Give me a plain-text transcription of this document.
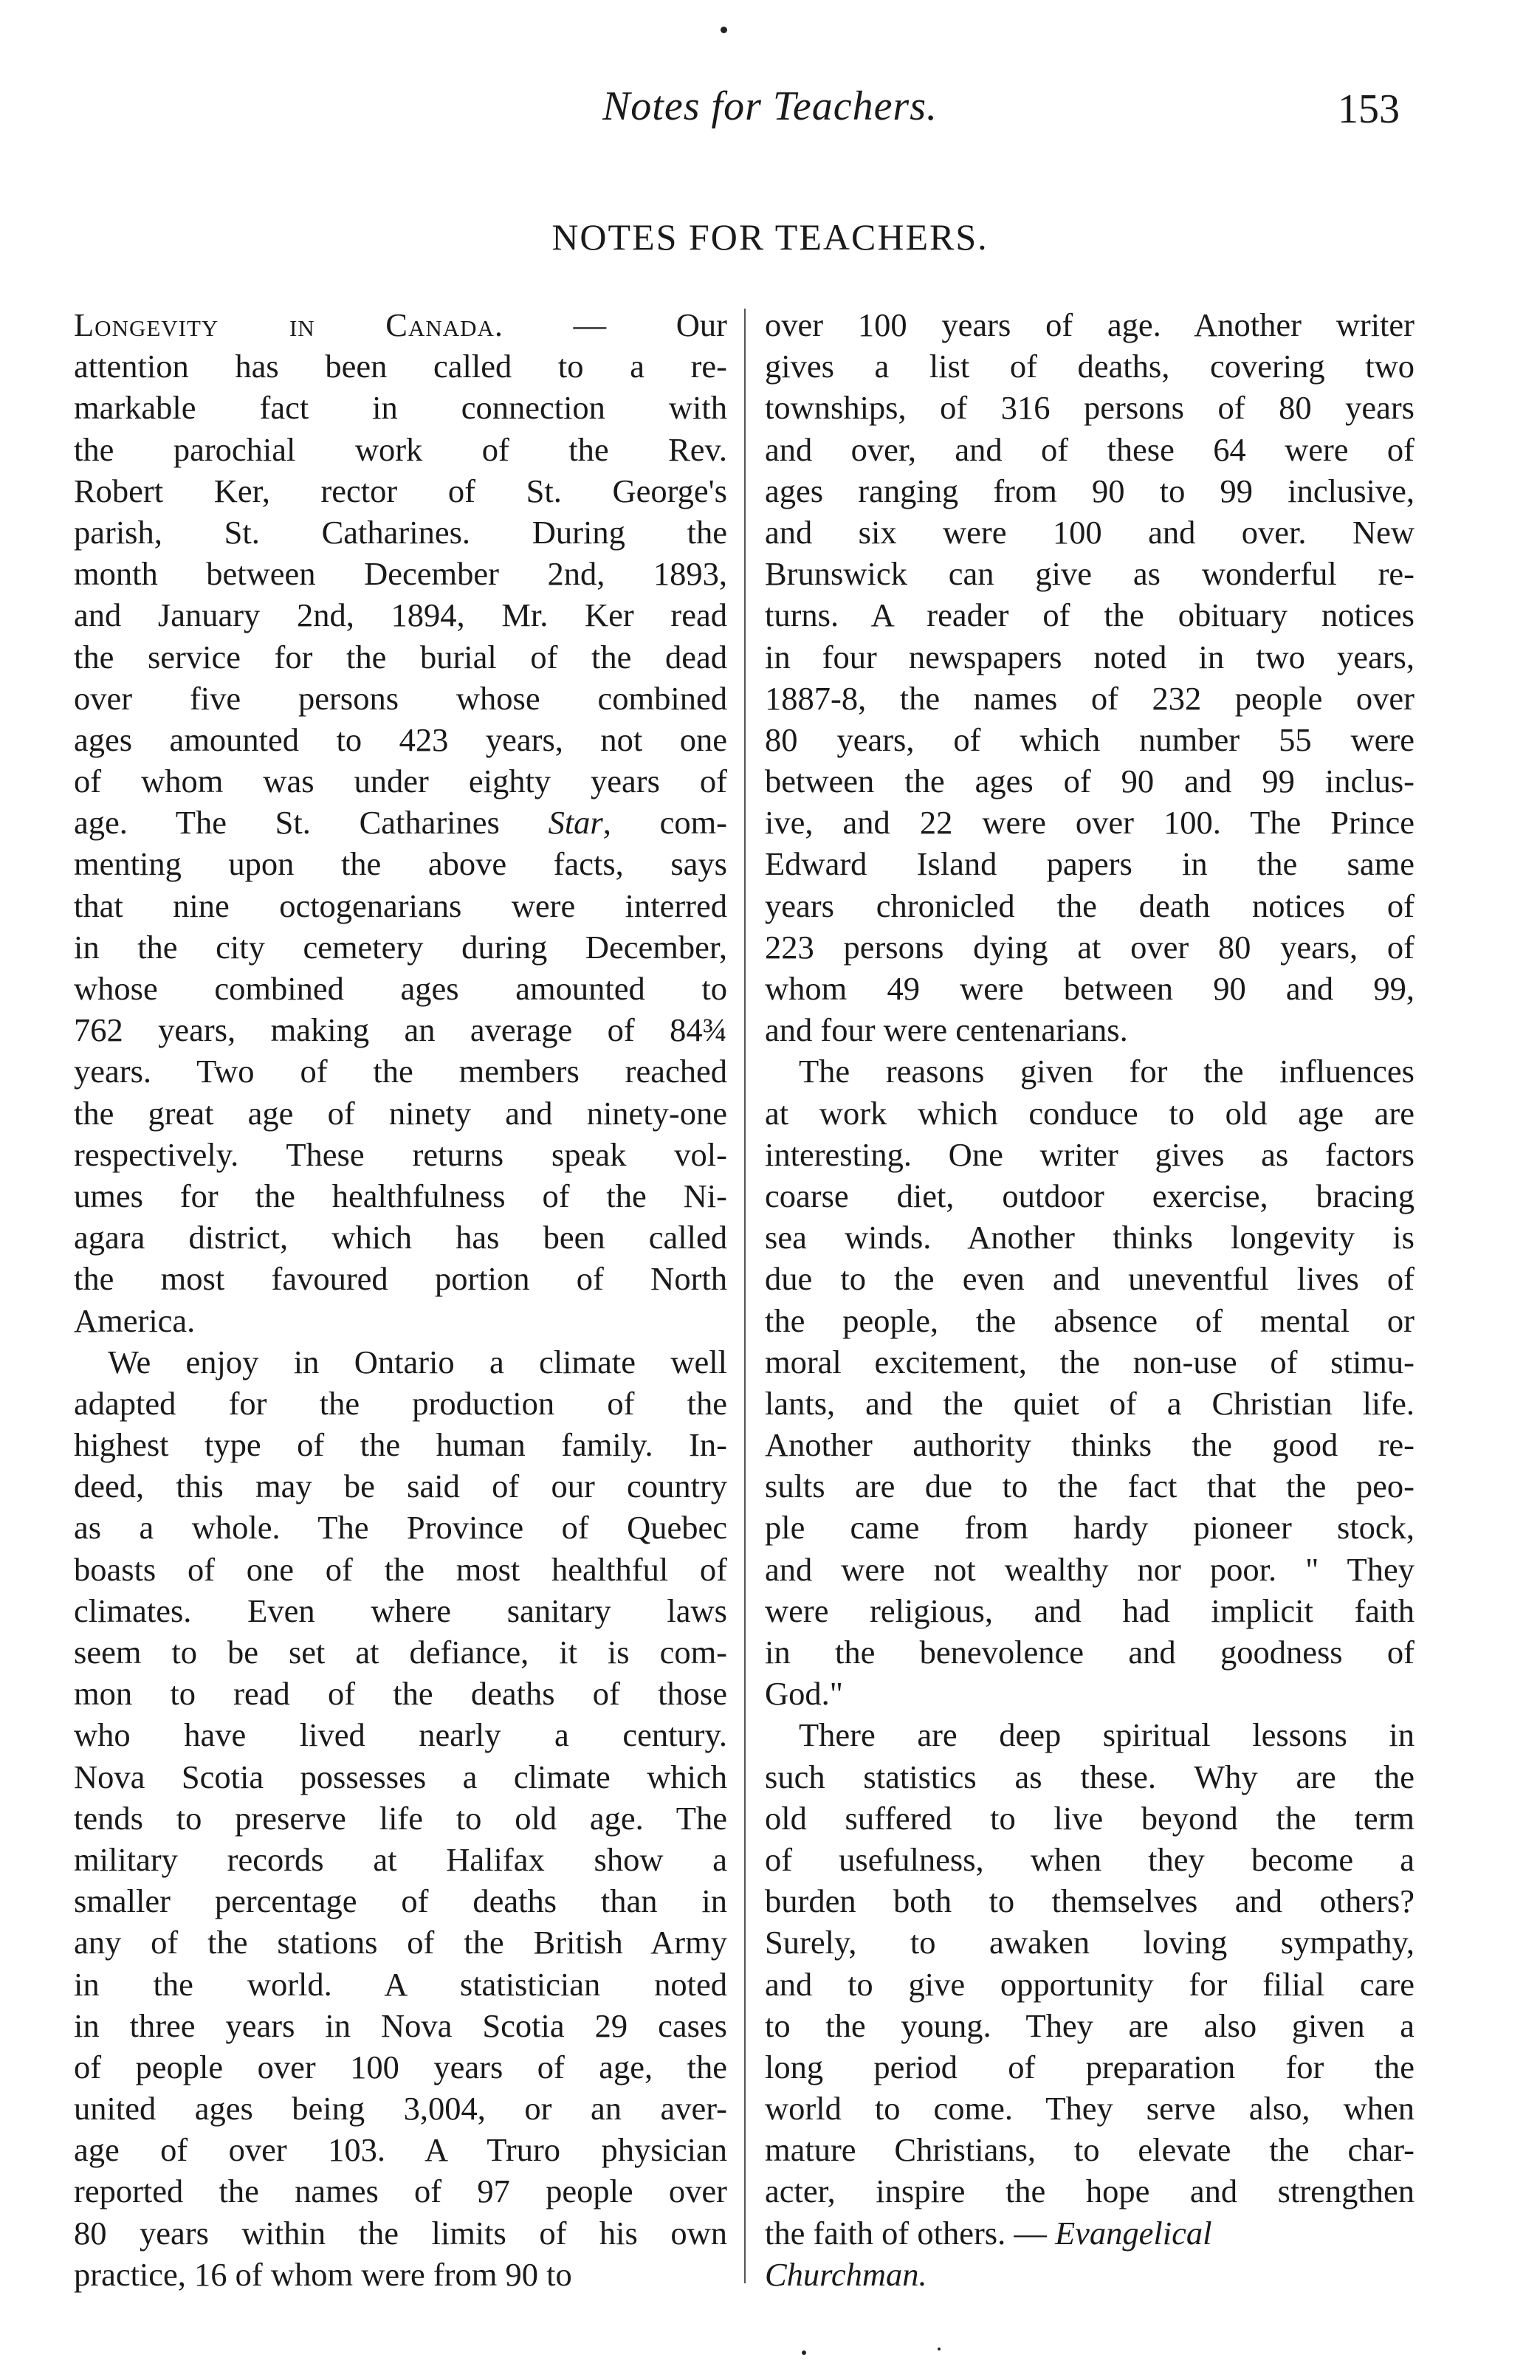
Notes for Teachers.	153
NOTES FOR TEACHERS.
Longevity in Canada. — Our
attention has been called to a re-
markable fact in connection with
the parochial work of the Rev.
Robert Ker, rector of St. George's
parish, St. Catharines. During the
month between December 2nd, 1893,
and January 2nd, 1894, Mr. Ker read
the service for the burial of the dead
over five persons whose combined
ages amounted to 423 years, not one
of whom was under eighty years of
age. The St. Catharines Star, com-
menting upon the above facts, says
that nine octogenarians were interred
in the city cemetery during December,
whose combined ages amounted to
762 years, making an average of 84¾
years. Two of the members reached
the great age of ninety and ninety-one
respectively. These returns speak vol-
umes for the healthfulness of the Ni-
agara district, which has been called
the most favoured portion of North
America.
We enjoy in Ontario a climate well
adapted for the production of the
highest type of the human family. In-
deed, this may be said of our country
as a whole. The Province of Quebec
boasts of one of the most healthful of
climates. Even where sanitary laws
seem to be set at defiance, it is com-
mon to read of the deaths of those
who have lived nearly a century.
Nova Scotia possesses a climate which
tends to preserve life to old age. The
military records at Halifax show a
smaller percentage of deaths than in
any of the stations of the British Army
in the world. A statistician noted
in three years in Nova Scotia 29 cases
of people over 100 years of age, the
united ages being 3,004, or an aver-
age of over 103. A Truro physician
reported the names of 97 people over
80 years within the limits of his own
practice, 16 of whom were from 90 to
over 100 years of age. Another writer
gives a list of deaths, covering two
townships, of 316 persons of 80 years
and over, and of these 64 were of
ages ranging from 90 to 99 inclusive,
and six were 100 and over. New
Brunswick can give as wonderful re-
turns. A reader of the obituary notices
in four newspapers noted in two years,
1887-8, the names of 232 people over
80 years, of which number 55 were
between the ages of 90 and 99 inclus-
ive, and 22 were over 100. The Prince
Edward Island papers in the same
years chronicled the death notices of
223 persons dying at over 80 years, of
whom 49 were between 90 and 99,
and four were centenarians.
The reasons given for the influences
at work which conduce to old age are
interesting. One writer gives as factors
coarse diet, outdoor exercise, bracing
sea winds. Another thinks longevity is
due to the even and uneventful lives of
the people, the absence of mental or
moral excitement, the non-use of stimu-
lants, and the quiet of a Christian life.
Another authority thinks the good re-
sults are due to the fact that the peo-
ple came from hardy pioneer stock,
and were not wealthy nor poor. " They
were religious, and had implicit faith
in the benevolence and goodness of
God."
There are deep spiritual lessons in
such statistics as these. Why are the
old suffered to live beyond the term
of usefulness, when they become a
burden both to themselves and others?
Surely, to awaken loving sympathy,
and to give opportunity for filial care
to the young. They are also given a
long period of preparation for the
world to come. They serve also, when
mature Christians, to elevate the char-
acter, inspire the hope and strengthen
the faith of others. — Evangelical
Churchman.
